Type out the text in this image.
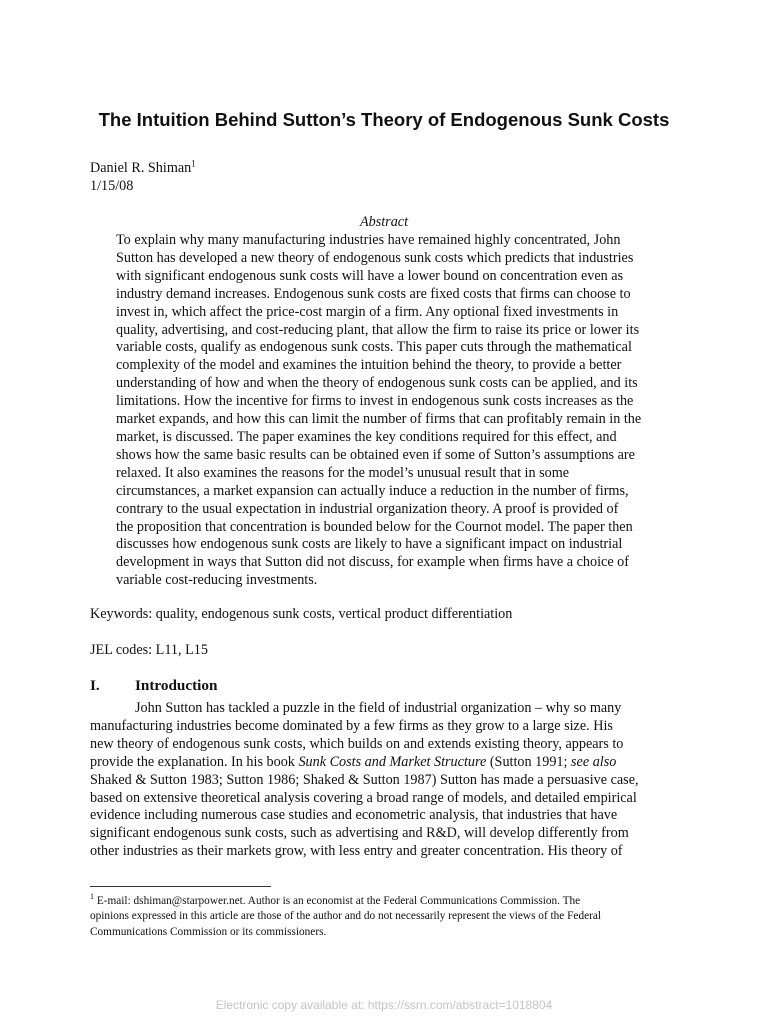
The Intuition Behind Sutton’s Theory of Endogenous Sunk Costs
Daniel R. Shiman$^1$
1/15/08
Abstract
To explain why many manufacturing industries have remained highly concentrated, John
Sutton has developed a new theory of endogenous sunk costs which predicts that industries
with significant endogenous sunk costs will have a lower bound on concentration even as
industry demand increases. Endogenous sunk costs are fixed costs that firms can choose to
invest in, which affect the price-cost margin of a firm. Any optional fixed investments in
quality, advertising, and cost-reducing plant, that allow the firm to raise its price or lower its
variable costs, qualify as endogenous sunk costs. This paper cuts through the mathematical
complexity of the model and examines the intuition behind the theory, to provide a better
understanding of how and when the theory of endogenous sunk costs can be applied, and its
limitations. How the incentive for firms to invest in endogenous sunk costs increases as the
market expands, and how this can limit the number of firms that can profitably remain in the
market, is discussed. The paper examines the key conditions required for this effect, and
shows how the same basic results can be obtained even if some of Sutton’s assumptions are
relaxed. It also examines the reasons for the model’s unusual result that in some
circumstances, a market expansion can actually induce a reduction in the number of firms,
contrary to the usual expectation in industrial organization theory. A proof is provided of
the proposition that concentration is bounded below for the Cournot model. The paper then
discusses how endogenous sunk costs are likely to have a significant impact on industrial
development in ways that Sutton did not discuss, for example when firms have a choice of
variable cost-reducing investments.
Keywords: quality, endogenous sunk costs, vertical product differentiation
JEL codes: L11, L15
I. Introduction
John Sutton has tackled a puzzle in the field of industrial organization – why so many
manufacturing industries become dominated by a few firms as they grow to a large size. His
new theory of endogenous sunk costs, which builds on and extends existing theory, appears to
provide the explanation. In his book Sunk Costs and Market Structure (Sutton 1991; see also
Shaked & Sutton 1983; Sutton 1986; Shaked & Sutton 1987) Sutton has made a persuasive case,
based on extensive theoretical analysis covering a broad range of models, and detailed empirical
evidence including numerous case studies and econometric analysis, that industries that have
significant endogenous sunk costs, such as advertising and R&D, will develop differently from
other industries as their markets grow, with less entry and greater concentration. His theory of
$^1$ E-mail: dshiman@starpower.net. Author is an economist at the Federal Communications Commission. The
opinions expressed in this article are those of the author and do not necessarily represent the views of the Federal
Communications Commission or its commissioners.
Electronic copy available at: https://ssrn.com/abstract=1018804
